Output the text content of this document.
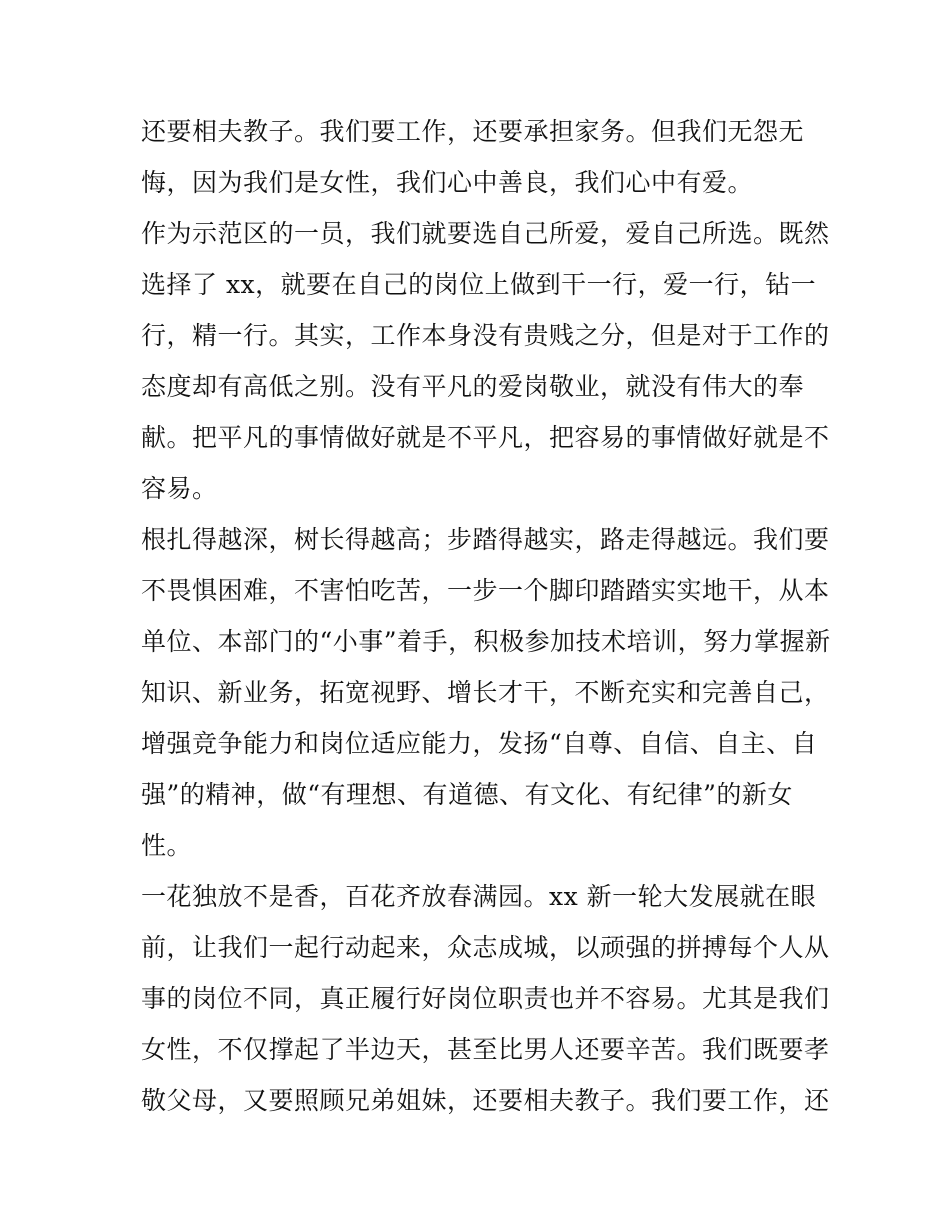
还要相夫教子。我们要工作，还要承担家务。但我们无怨无
悔，因为我们是女性，我们心中善良，我们心中有爱。
作为示范区的一员，我们就要选自己所爱，爱自己所选。既然
选择了 xx，就要在自己的岗位上做到干一行，爱一行，钻一
行，精一行。其实，工作本身没有贵贱之分，但是对于工作的
态度却有高低之别。没有平凡的爱岗敬业，就没有伟大的奉
献。把平凡的事情做好就是不平凡，把容易的事情做好就是不
容易。
根扎得越深，树长得越高；步踏得越实，路走得越远。我们要
不畏惧困难，不害怕吃苦，一步一个脚印踏踏实实地干，从本
单位、本部门的“小事”着手，积极参加技术培训，努力掌握新
知识、新业务，拓宽视野、增长才干，不断充实和完善自己，
增强竞争能力和岗位适应能力，发扬“自尊、自信、自主、自
强”的精神，做“有理想、有道德、有文化、有纪律”的新女
性。
一花独放不是香，百花齐放春满园。xx 新一轮大发展就在眼
前，让我们一起行动起来，众志成城，以顽强的拼搏每个人从
事的岗位不同，真正履行好岗位职责也并不容易。尤其是我们
女性，不仅撑起了半边天，甚至比男人还要辛苦。我们既要孝
敬父母，又要照顾兄弟姐妹，还要相夫教子。我们要工作，还
